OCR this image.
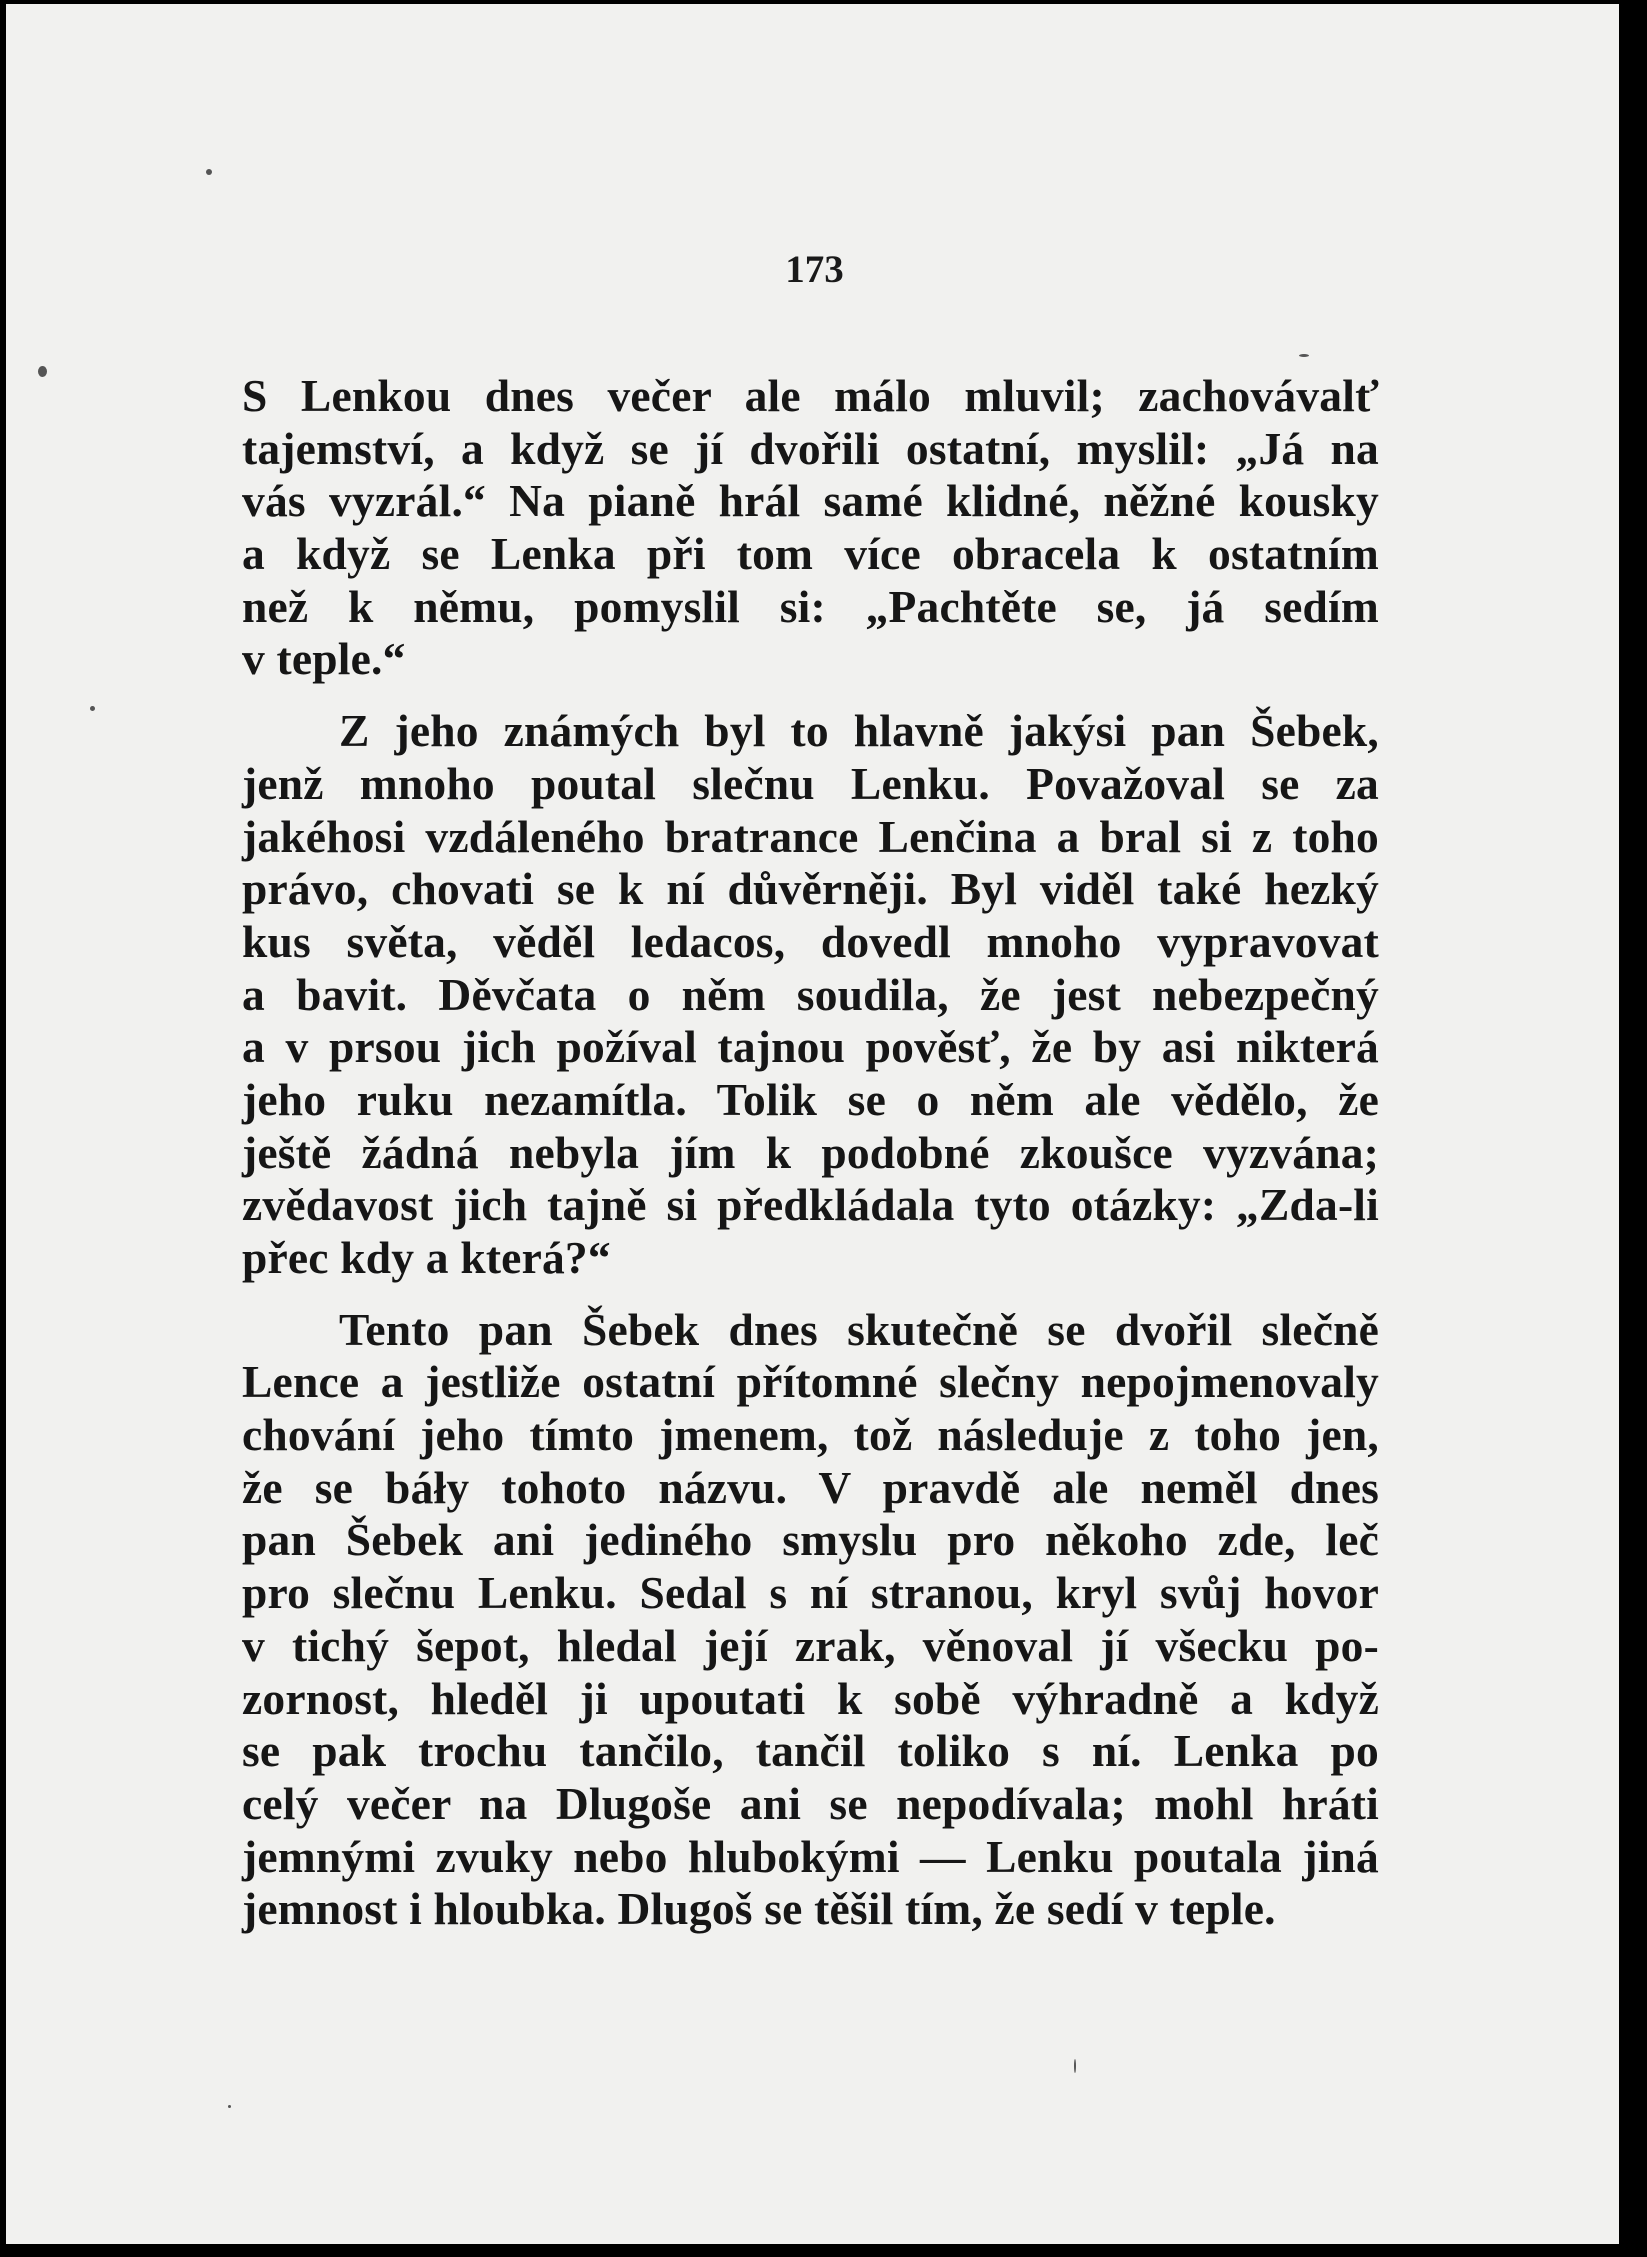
173
S Lenkou dnes večer ale málo mluvil; zachovávalť
tajemství, a když se jí dvořili ostatní, myslil: „Já na
vás vyzrál.“ Na pianě hrál samé klidné, něžné kousky
a když se Lenka při tom více obracela k ostatním
než k němu, pomyslil si: „Pachtěte se, já sedím
v teple.“
Z jeho známých byl to hlavně jakýsi pan Šebek,
jenž mnoho poutal slečnu Lenku. Považoval se za
jakéhosi vzdáleného bratrance Lenčina a bral si z toho
právo, chovati se k ní důvěrněji. Byl viděl také hezký
kus světa, věděl ledacos, dovedl mnoho vypravovat
a bavit. Děvčata o něm soudila, že jest nebezpečný
a v prsou jich požíval tajnou pověsť, že by asi nikterá
jeho ruku nezamítla. Tolik se o něm ale vědělo, že
ještě žádná nebyla jím k podobné zkoušce vyzvána;
zvědavost jich tajně si předkládala tyto otázky: „Zda-li
přec kdy a která?“
Tento pan Šebek dnes skutečně se dvořil slečně
Lence a jestliže ostatní přítomné slečny nepojmenovaly
chování jeho tímto jmenem, tož následuje z toho jen,
že se báły tohoto názvu. V pravdě ale neměl dnes
pan Šebek ani jediného smyslu pro někoho zde, leč
pro slečnu Lenku. Sedal s ní stranou, kryl svůj hovor
v tichý šepot, hledal její zrak, věnoval jí všecku po-
zornost, hleděl ji upoutati k sobě výhradně a když
se pak trochu tančilo, tančil toliko s ní. Lenka po
celý večer na Dlugoše ani se nepodívala; mohl hráti
jemnými zvuky nebo hlubokými — Lenku poutala jiná
jemnost i hloubka. Dlugoš se těšil tím, že sedí v teple.
